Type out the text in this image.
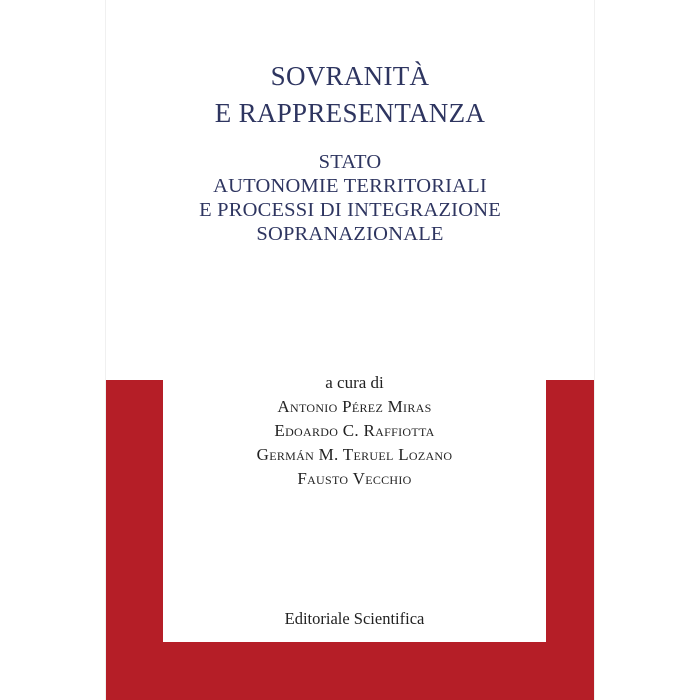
SOVRANITÀ
E RAPPRESENTANZA
STATO
AUTONOMIE TERRITORIALI
E PROCESSI DI INTEGRAZIONE
SOPRANAZIONALE
a cura di
Antonio Pérez Miras
Edoardo C. Raffiotta
Germán M. Teruel Lozano
Fausto Vecchio
Editoriale Scientifica
